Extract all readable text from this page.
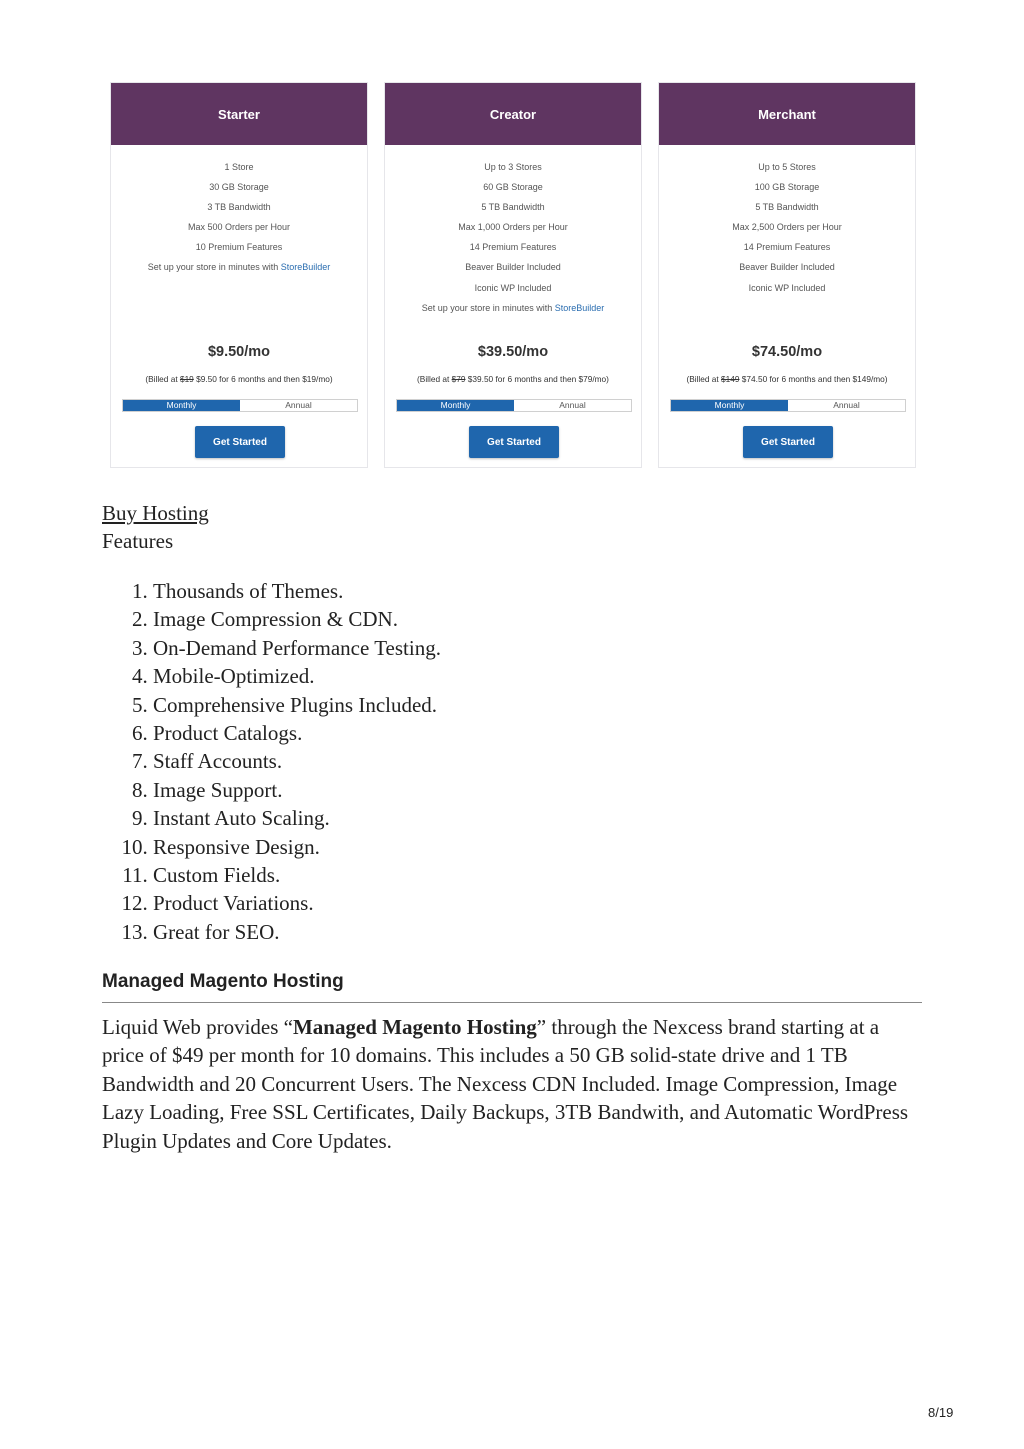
Starter
1 Store
30 GB Storage
3 TB Bandwidth
Max 500 Orders per Hour
10 Premium Features
Set up your store in minutes with StoreBuilder
$9.50/mo
(Billed at $19 $9.50 for 6 months and then $19/mo)
Monthly	Annual
Get Started
Creator
Up to 3 Stores
60 GB Storage
5 TB Bandwidth
Max 1,000 Orders per Hour
14 Premium Features
Beaver Builder Included
Iconic WP Included
Set up your store in minutes with StoreBuilder
$39.50/mo
(Billed at $79 $39.50 for 6 months and then $79/mo)
Monthly	Annual
Get Started
Merchant
Up to 5 Stores
100 GB Storage
5 TB Bandwidth
Max 2,500 Orders per Hour
14 Premium Features
Beaver Builder Included
Iconic WP Included
$74.50/mo
(Billed at $149 $74.50 for 6 months and then $149/mo)
Monthly	Annual
Get Started
Buy Hosting
Features
1. Thousands of Themes.
2. Image Compression & CDN.
3. On-Demand Performance Testing.
4. Mobile-Optimized.
5. Comprehensive Plugins Included.
6. Product Catalogs.
7. Staff Accounts.
8. Image Support.
9. Instant Auto Scaling.
10. Responsive Design.
11. Custom Fields.
12. Product Variations.
13. Great for SEO.
Managed Magento Hosting

Liquid Web provides “Managed Magento Hosting” through the Nexcess brand starting at a price of $49 per month for 10 domains. This includes a 50 GB solid-state drive and 1 TB Bandwidth and 20 Concurrent Users. The Nexcess CDN Included. Image Compression, Image Lazy Loading, Free SSL Certificates, Daily Backups, 3TB Bandwith, and Automatic WordPress Plugin Updates and Core Updates.

8/19
